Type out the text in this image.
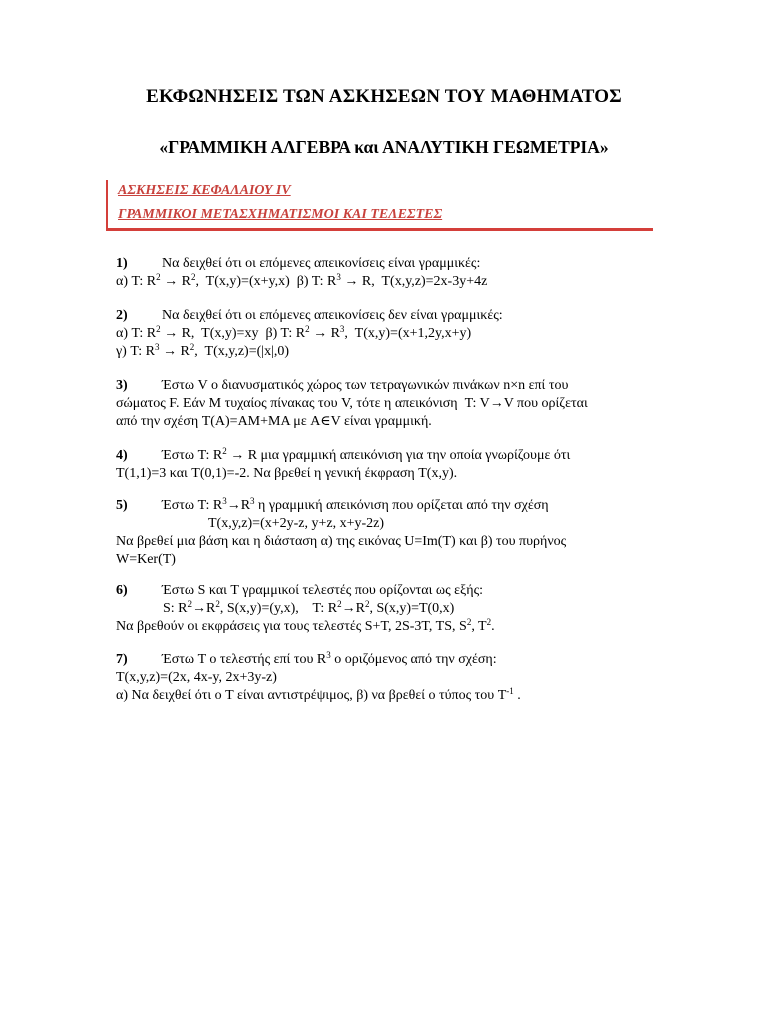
ΕΚΦΩΝΗΣΕΙΣ ΤΩΝ ΑΣΚΗΣΕΩΝ ΤΟΥ ΜΑΘΗΜΑΤΟΣ
«ΓΡΑΜΜΙΚΗ ΑΛΓΕΒΡΑ και ΑΝΑΛΥΤΙΚΗ ΓΕΩΜΕΤΡΙΑ»
ΑΣΚΗΣΕΙΣ ΚΕΦΑΛΑΙΟΥ IV
ΓΡΑΜΜΙΚΟΙ ΜΕΤΑΣΧΗΜΑΤΙΣΜΟΙ ΚΑΙ ΤΕΛΕΣΤΕΣ
1) Να δειχθεί ότι οι επόμενες απεικονίσεις είναι γραμμικές:
α) T: $R^2 \to R^2$,  T(x,y)=(x+y,x)  β) T: $R^3 \to R$,  T(x,y,z)=2x-3y+4z
2) Να δειχθεί ότι οι επόμενες απεικονίσεις δεν είναι γραμμικές:
α) T: $R^2 \to R$,  T(x,y)=xy  β) T: $R^2 \to R^3$,  T(x,y)=(x+1,2y,x+y)
γ) T: $R^3 \to R^2$,  T(x,y,z)=(|x|,0)
3) Έστω V ο διανυσματικός χώρος των τετραγωνικών πινάκων n×n επί του
σώματος F. Εάν M τυχαίος πίνακας του V, τότε η απεικόνιση  T: V→V που ορίζεται
από την σχέση T(A)=AM+MA με A∈V είναι γραμμική.
4) Έστω T: $R^2 \to R$ μια γραμμική απεικόνιση για την οποία γνωρίζουμε ότι
T(1,1)=3 και T(0,1)=-2. Να βρεθεί η γενική έκφραση T(x,y).
5) Έστω T: $R^3\to R^3$ η γραμμική απεικόνιση που ορίζεται από την σχέση
T(x,y,z)=(x+2y-z, y+z, x+y-2z)
Να βρεθεί μια βάση και η διάσταση α) της εικόνας U=Im(T) και β) του πυρήνος
W=Ker(T)
6) Έστω S και T γραμμικοί τελεστές που ορίζονται ως εξής:
S: $R^2\to R^2$, S(x,y)=(y,x),    T: $R^2\to R^2$, S(x,y)=T(0,x)
Να βρεθούν οι εκφράσεις για τους τελεστές S+T, 2S-3T, TS, $S^2$, $T^2$.
7) Έστω T ο τελεστής επί του $R^3$ ο οριζόμενος από την σχέση:
T(x,y,z)=(2x, 4x-y, 2x+3y-z)
α) Να δειχθεί ότι ο T είναι αντιστρέψιμος, β) να βρεθεί ο τύπος του $T^{-1}$ .
